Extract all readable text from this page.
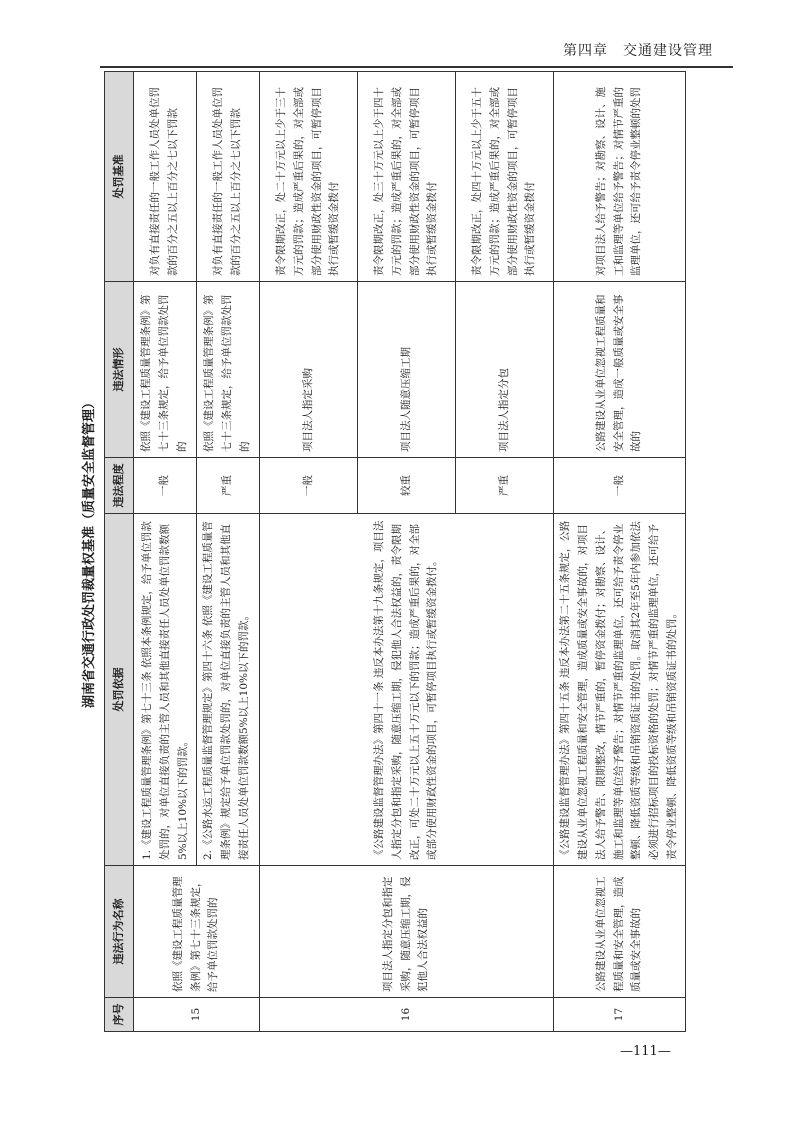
第四章　交通建设管理
湖南省交通行政处罚裁量权基准（质量安全监督管理）
序号	违法行为名称	处罚依据	违法程度	违法情形	处罚基准
15	依照《建设工程质量管理条例》第七十三条规定，给予单位罚款处罚的	1.《建设工程质量管理条例》第七十三条 依照本条例规定，给予单位罚款处罚的，对单位直接负责的主管人员和其他直接责任人员处单位罚款数额5%以上10%以下的罚款。 2.《公路水运工程质量监督管理规定》第四十六条 依照《建设工程质量管理条例》规定给予单位罚款处罚的，对单位直接负责的主管人员和其他直接责任人员处单位罚款数额5%以上10%以下的罚款。	一般	依照《建设工程质量管理条例》第七十三条规定，给予单位罚款处罚的	对负有直接责任的一般工作人员处单位罚款的百分之五以上百分之七以下罚款
			严重	依照《建设工程质量管理条例》第七十三条规定，给予单位罚款处罚的	对负有直接责任的一般工作人员处单位罚款的百分之五以上百分之七以下罚款
16	项目法人指定分包和指定采购，随意压缩工期，侵犯他人合法权益的	《公路建设监督管理办法》第四十一条 违反本办法第十九条规定，项目法人指定分包和指定采购，随意压缩工期，侵犯他人合法权益的，责令限期改正，可处二十万元以上五十万元以下的罚款；造成严重后果的，对全部或部分使用财政性资金的项目，可暂停项目执行或暂缓资金拨付。	一般	项目法人指定采购	责令限期改正，处二十万元以上少于三十万元的罚款；造成严重后果的，对全部或部分使用财政性资金的项目，可暂停项目执行或暂缓资金拨付
			较重	项目法人随意压缩工期	责令限期改正，处三十万元以上少于四十万元的罚款；造成严重后果的，对全部或部分使用财政性资金的项目，可暂停项目执行或暂缓资金拨付
			严重	项目法人指定分包	责令限期改正，处四十万元以上少于五十万元的罚款；造成严重后果的，对全部或部分使用财政性资金的项目，可暂停项目执行或暂缓资金拨付
17	公路建设从业单位忽视工程质量和安全管理，造成质量或安全事故的	《公路建设监督管理办法》第四十五条 违反本办法第二十五条规定，公路建设从业单位忽视工程质量和安全管理，造成质量或安全事故的，对项目法人给予警告、限期整改，情节严重的，暂停资金拨付；对勘察、设计、施工和监理等单位给予警告；对情节严重的监理单位，还可给予责令停业整顿、降低资质等级和吊销资质证书的处罚。取消其2年至5年内参加依法必须进行招标项目的投标资格的处罚；对情节严重的监理单位，还可给予责令停业整顿、降低资质等级和吊销资质证书的处罚。	一般	公路建设从业单位忽视工程质量和安全管理，造成一般质量或安全事故的	对项目法人给予警告；对勘察、设计、施工和监理等单位给予警告；对情节严重的监理单位，还可给予责令停业整顿的处罚
—111—
